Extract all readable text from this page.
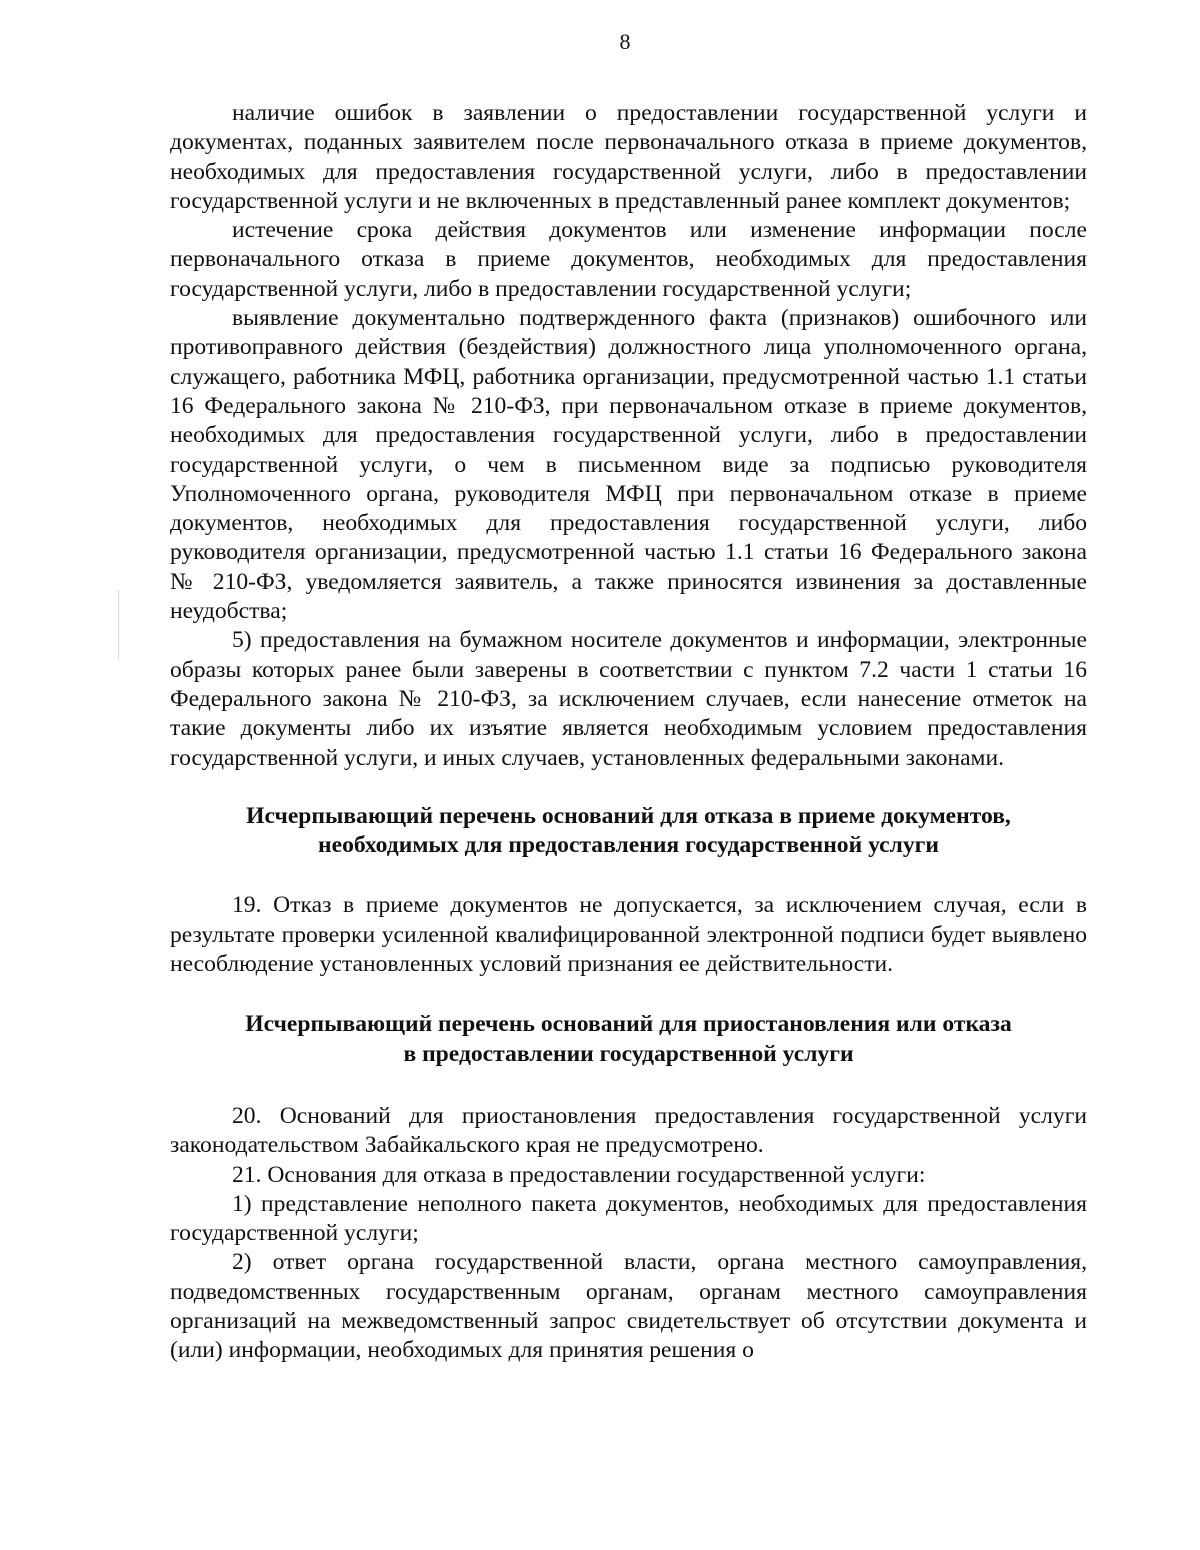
8

наличие ошибок в заявлении о предоставлении государственной услуги и документах, поданных заявителем после первоначального отказа в приеме документов, необходимых для предоставления государственной услуги, либо в предоставлении государственной услуги и не включенных в представленный ранее комплект документов;

истечение срока действия документов или изменение информации после первоначального отказа в приеме документов, необходимых для предоставления государственной услуги, либо в предоставлении государственной услуги;

выявление документально подтвержденного факта (признаков) ошибочного или противоправного действия (бездействия) должностного лица уполномоченного органа, служащего, работника МФЦ, работника организации, предусмотренной частью 1.1 статьи 16 Федерального закона № 210-ФЗ, при первоначальном отказе в приеме документов, необходимых для предоставления государственной услуги, либо в предоставлении государственной услуги, о чем в письменном виде за подписью руководителя Уполномоченного органа, руководителя МФЦ при первоначальном отказе в приеме документов, необходимых для предоставления государственной услуги, либо руководителя организации, предусмотренной частью 1.1 статьи 16 Федерального закона № 210-ФЗ, уведомляется заявитель, а также приносятся извинения за доставленные неудобства;

5) предоставления на бумажном носителе документов и информации, электронные образы которых ранее были заверены в соответствии с пунктом 7.2 части 1 статьи 16 Федерального закона № 210-ФЗ, за исключением случаев, если нанесение отметок на такие документы либо их изъятие является необходимым условием предоставления государственной услуги, и иных случаев, установленных федеральными законами.

Исчерпывающий перечень оснований для отказа в приеме документов,
необходимых для предоставления государственной услуги

19. Отказ в приеме документов не допускается, за исключением случая, если в результате проверки усиленной квалифицированной электронной подписи будет выявлено несоблюдение установленных условий признания ее действительности.

Исчерпывающий перечень оснований для приостановления или отказа
в предоставлении государственной услуги

20. Оснований для приостановления предоставления государственной услуги законодательством Забайкальского края не предусмотрено.

21. Основания для отказа в предоставлении государственной услуги:

1) представление неполного пакета документов, необходимых для предоставления государственной услуги;

2) ответ органа государственной власти, органа местного самоуправления, подведомственных государственным органам, органам местного самоуправления организаций на межведомственный запрос свидетельствует об отсутствии документа и (или) информации, необходимых для принятия решения о
